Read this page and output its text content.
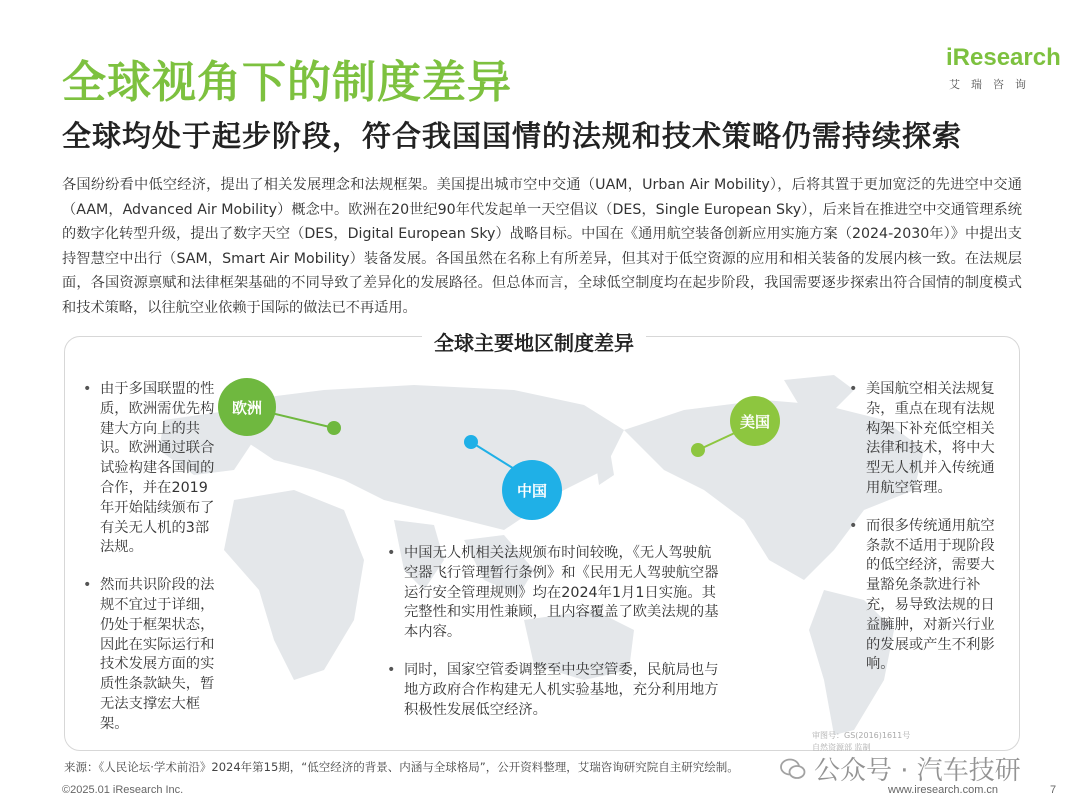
全球视角下的制度差异
全球均处于起步阶段，符合我国国情的法规和技术策略仍需持续探索
iResearch
艾瑞咨询
各国纷纷看中低空经济，提出了相关发展理念和法规框架。美国提出城市空中交通（UAM，Urban Air Mobility），后将其置于更加宽泛的先进空中交通（AAM，Advanced Air Mobility）概念中。欧洲在20世纪90年代发起单一天空倡议（DES，Single European Sky），后来旨在推进空中交通管理系统的数字化转型升级，提出了数字天空（DES，Digital European Sky）战略目标。中国在《通用航空装备创新应用实施方案（2024-2030年）》中提出支持智慧空中出行（SAM，Smart Air Mobility）装备发展。各国虽然在名称上有所差异，但其对于低空资源的应用和相关装备的发展内核一致。在法规层面，各国资源禀赋和法律框架基础的不同导致了差异化的发展路径。但总体而言，全球低空制度均在起步阶段，我国需要逐步探索出符合国情的制度模式和技术策略，以往航空业依赖于国际的做法已不再适用。
全球主要地区制度差异
欧洲
中国
美国
• 由于多国联盟的性质，欧洲需优先构建大方向上的共识。欧洲通过联合试验构建各国间的合作，并在2019年开始陆续颁布了有关无人机的3部法规。
• 然而共识阶段的法规不宜过于详细，仍处于框架状态，因此在实际运行和技术发展方面的实质性条款缺失，暂无法支撑宏大框架。
• 中国无人机相关法规颁布时间较晚，《无人驾驶航空器飞行管理暂行条例》和《民用无人驾驶航空器运行安全管理规则》均在2024年1月1日实施。其完整性和实用性兼顾，且内容覆盖了欧美法规的基本内容。
• 同时，国家空管委调整至中央空管委，民航局也与地方政府合作构建无人机实验基地，充分利用地方积极性发展低空经济。
• 美国航空相关法规复杂，重点在现有法规构架下补充低空相关法律和技术，将中大型无人机并入传统通用航空管理。
• 而很多传统通用航空条款不适用于现阶段的低空经济，需要大量豁免条款进行补充，易导致法规的日益臃肿，对新兴行业的发展或产生不利影响。
审图号：GS(2016)1611号
自然资源部 监制
来源：《人民论坛·学术前沿》2024年第15期，“低空经济的背景、内涵与全球格局”，公开资料整理，艾瑞咨询研究院自主研究绘制。	公众号 · 汽车技研
©2025.01 iResearch Inc.	www.iresearch.com.cn	7
